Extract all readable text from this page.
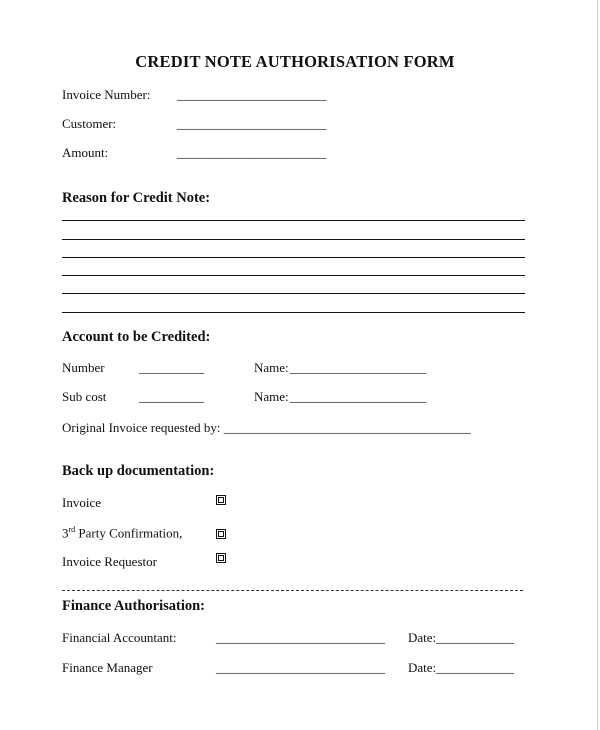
CREDIT NOTE AUTHORISATION FORM
Invoice Number: _______________________
Customer:	_______________________
Amount:	_______________________
Reason for Credit Note:
Account to be Credited:
Number	__________	Name: _____________________
Sub cost	__________	Name: _____________________
Original Invoice requested by: ______________________________________
Back up documentation:
Invoice
3rd Party Confirmation,
Invoice Requestor
Finance Authorisation:
Financial Accountant:	__________________________ Date:____________
Finance Manager	__________________________ Date:____________
